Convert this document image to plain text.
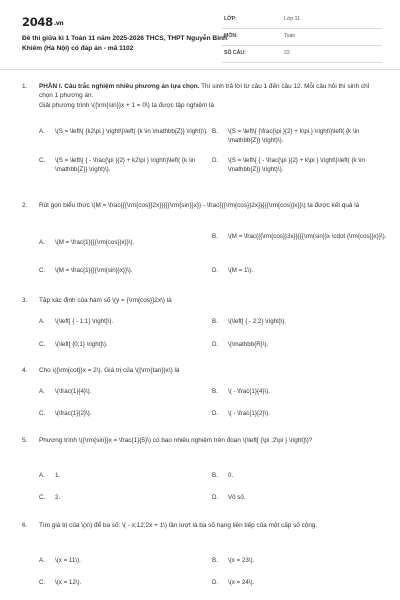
2048.vn
Đề thi giữa kì 1 Toán 11 năm 2025-2026 THCS, THPT Nguyễn Bỉnh Khiêm (Hà Nội) có đáp án - mã 1102
LỚP:	Lớp 11
MÔN:	Toán
SỐ CÂU:	22
1. PHẦN I. Câu trắc nghiệm nhiều phương án lựa chọn. Thí sinh trả lời từ câu 1 đến câu 12. Mỗi câu hỏi thí sinh chỉ chọn 1 phương án.
Giải phương trình \({\rm{sin}}x + 1 = 0\) ta được tập nghiệm là
A. \(S = \left\{ {k2\pi } \right\}\left( {k \in \mathbb{Z}} \right)\). B. \(S = \left\{ {\frac{\pi }{2} + k\pi } \right\}\left( {k \in \mathbb{Z}} \right)\).
C. \(S = \left\{ { - \frac{\pi }{2} + k2\pi } \right\}\left( {k \in \mathbb{Z}} \right)\).
D. \(S = \left\{ { - \frac{\pi }{2} + k\pi } \right\}\left( {k \in \mathbb{Z}} \right)\).
2. Rút gọn biểu thức \(M = \frac{{{\rm{cos}}2x}}{{{\rm{sin}}x}} - \frac{{{\rm{cos}}2x}}{{{\rm{cos}}x}}\) ta được kết quả là
A. \(M = \frac{1}{{{\rm{cos}}x}}\).
B. \(M = \frac{{{\rm{cos}}3x}}{{{\rm{sin}}x \cdot {\rm{cos}}x}}\).
C. \(M = \frac{1}{{{\rm{sin}}x}}\).	D. \(M = 1\).
3. Tập xác định của hàm số \(y = {\rm{cos}}2x\) là
A. \(\left[ { - 1;1} \right]\).	B. \(\left[ { - 2;2} \right]\).
C. \(\left[ {0;1} \right]\).	D. \(\mathbb{R}\).
4. Cho \({\rm{cot}}x = 2\). Giá trị của \({\rm{tan}}x\) là
A. \(\frac{1}{4}\).	B. \( - \frac{1}{4}\).
C. \(\frac{1}{2}\).	D. \( - \frac{1}{2}\).
5. Phương trình \({\rm{sin}}x = \frac{1}{5}\) có bao nhiêu nghiệm trên đoạn \(\left[ {\pi ;2\pi } \right]\)?
A. 1.	B. 0.
C. 2.	D. Vô số.
6. Tìm giá trị của \(x\) để ba số: \( - x;12;2x + 1\) lần lượt là ba số hạng liên tiếp của một cấp số cộng.
A. \(x = 11\).	B. \(x = 23\).
C. \(x = 12\).	D. \(x = 24\).
